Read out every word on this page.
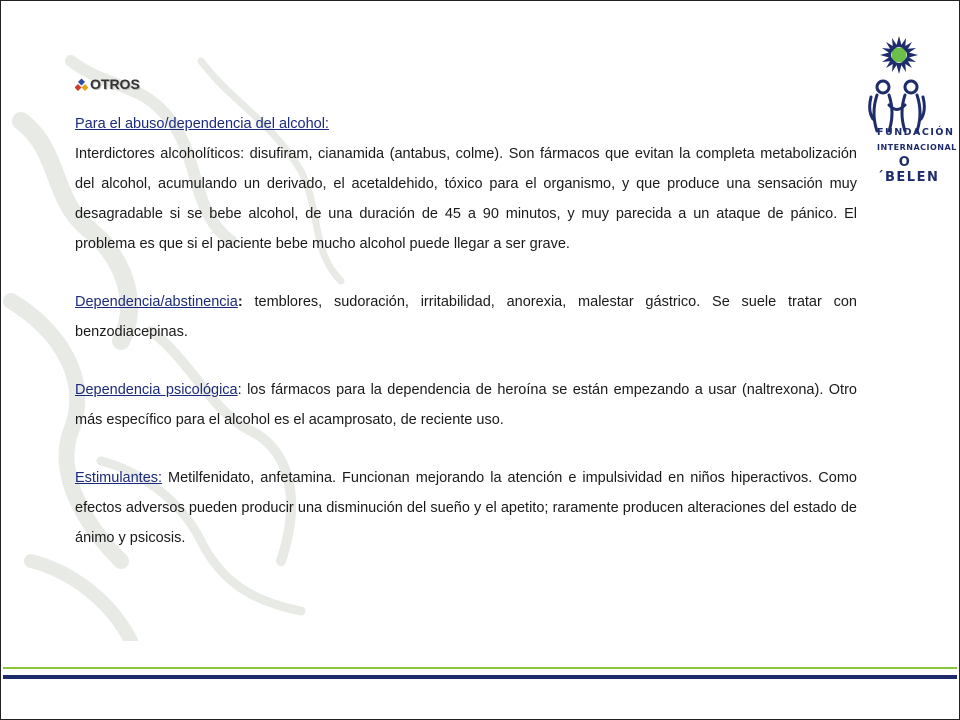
FUNDACIÓN
INTERNACIONAL
O´BELEN
OTROS

Para el abuso/dependencia del alcohol:

Interdictores alcoholíticos: disufiram, cianamida (antabus, colme). Son fármacos que evitan la completa metabolización del alcohol, acumulando un derivado, el acetaldehido, tóxico para el organismo, y que produce una sensación muy desagradable si se bebe alcohol, de una duración de 45 a 90 minutos, y muy parecida a un ataque de pánico. El problema es que si el paciente bebe mucho alcohol puede llegar a ser grave.

Dependencia/abstinencia: temblores, sudoración, irritabilidad, anorexia, malestar gástrico. Se suele tratar con benzodiacepinas.

Dependencia psicológica: los fármacos para la dependencia de heroína se están empezando a usar (naltrexona). Otro más específico para el alcohol es el acamprosato, de reciente uso.

Estimulantes: Metilfenidato, anfetamina. Funcionan mejorando la atención e impulsividad en niños hiperactivos. Como efectos adversos pueden producir una disminución del sueño y el apetito; raramente producen alteraciones del estado de ánimo y psicosis.
